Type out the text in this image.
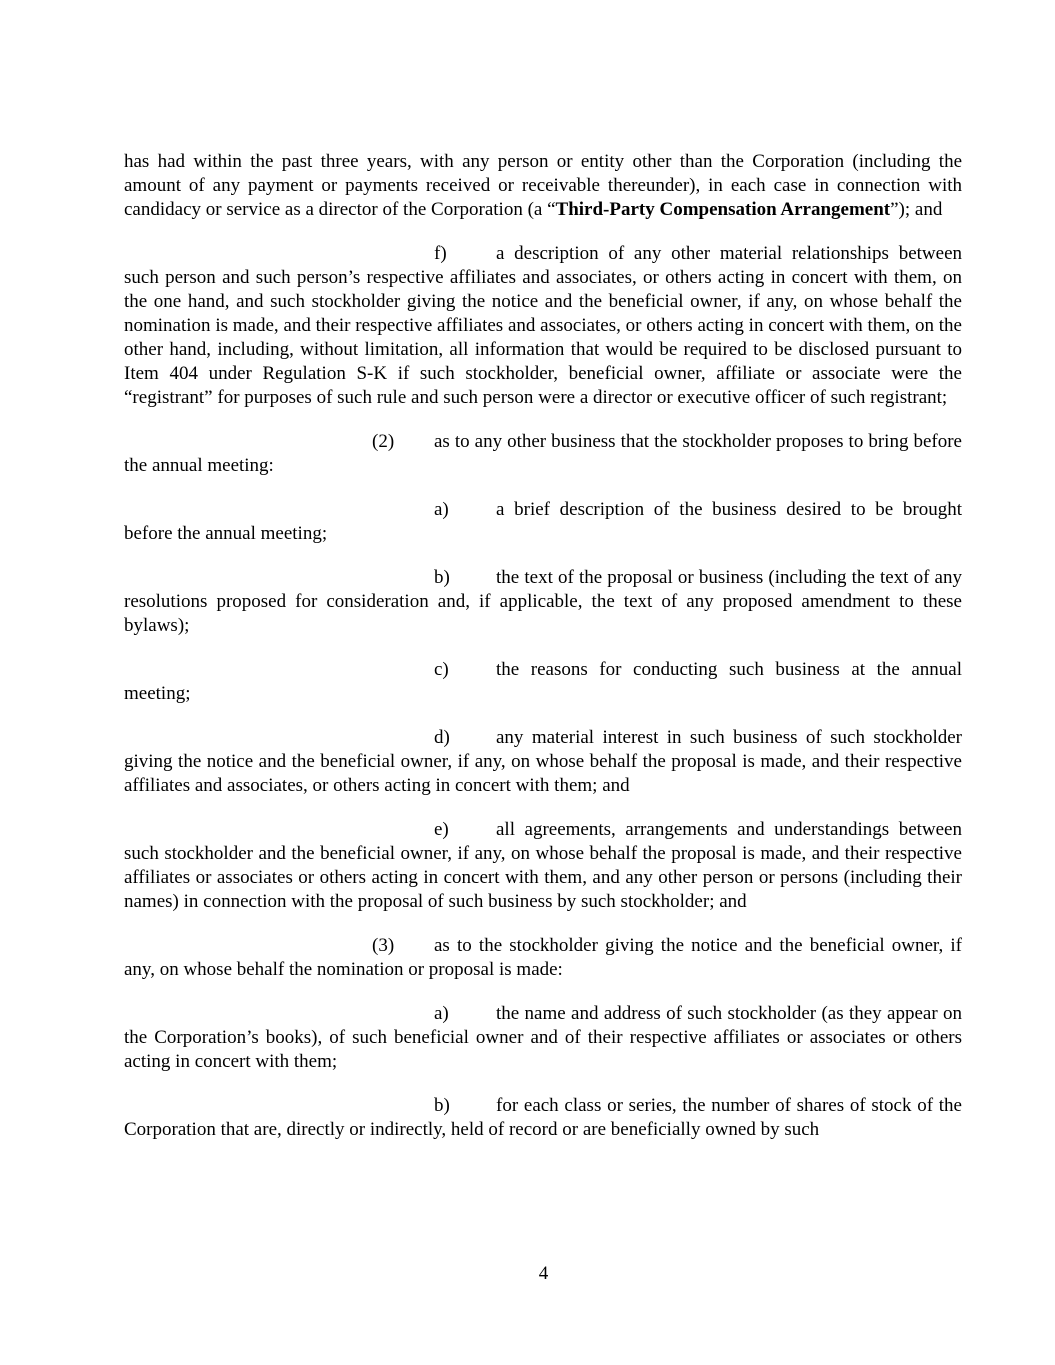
has had within the past three years, with any person or entity other than the Corporation (including the amount of any payment or payments received or receivable thereunder), in each case in connection with candidacy or service as a director of the Corporation (a “Third-Party Compensation Arrangement”); and

f)	a description of any other material relationships between such person and such person’s respective affiliates and associates, or others acting in concert with them, on the one hand, and such stockholder giving the notice and the beneficial owner, if any, on whose behalf the nomination is made, and their respective affiliates and associates, or others acting in concert with them, on the other hand, including, without limitation, all information that would be required to be disclosed pursuant to Item 404 under Regulation S-K if such stockholder, beneficial owner, affiliate or associate were the “registrant” for purposes of such rule and such person were a director or executive officer of such registrant;

(2) as to any other business that the stockholder proposes to bring before the annual meeting:

a) a brief description of the business desired to be brought before the annual meeting;

b) the text of the proposal or business (including the text of any resolutions proposed for consideration and, if applicable, the text of any proposed amendment to these bylaws);

c) the reasons for conducting such business at the annual meeting;

d) any material interest in such business of such stockholder giving the notice and the beneficial owner, if any, on whose behalf the proposal is made, and their respective affiliates and associates, or others acting in concert with them; and

e) all agreements, arrangements and understandings between such stockholder and the beneficial owner, if any, on whose behalf the proposal is made, and their respective affiliates or associates or others acting in concert with them, and any other person or persons (including their names) in connection with the proposal of such business by such stockholder; and

(3) as to the stockholder giving the notice and the beneficial owner, if any, on whose behalf the nomination or proposal is made:

a) the name and address of such stockholder (as they appear on the Corporation’s books), of such beneficial owner and of their respective affiliates or associates or others acting in concert with them;

b) for each class or series, the number of shares of stock of the Corporation that are, directly or indirectly, held of record or are beneficially owned by such

4
